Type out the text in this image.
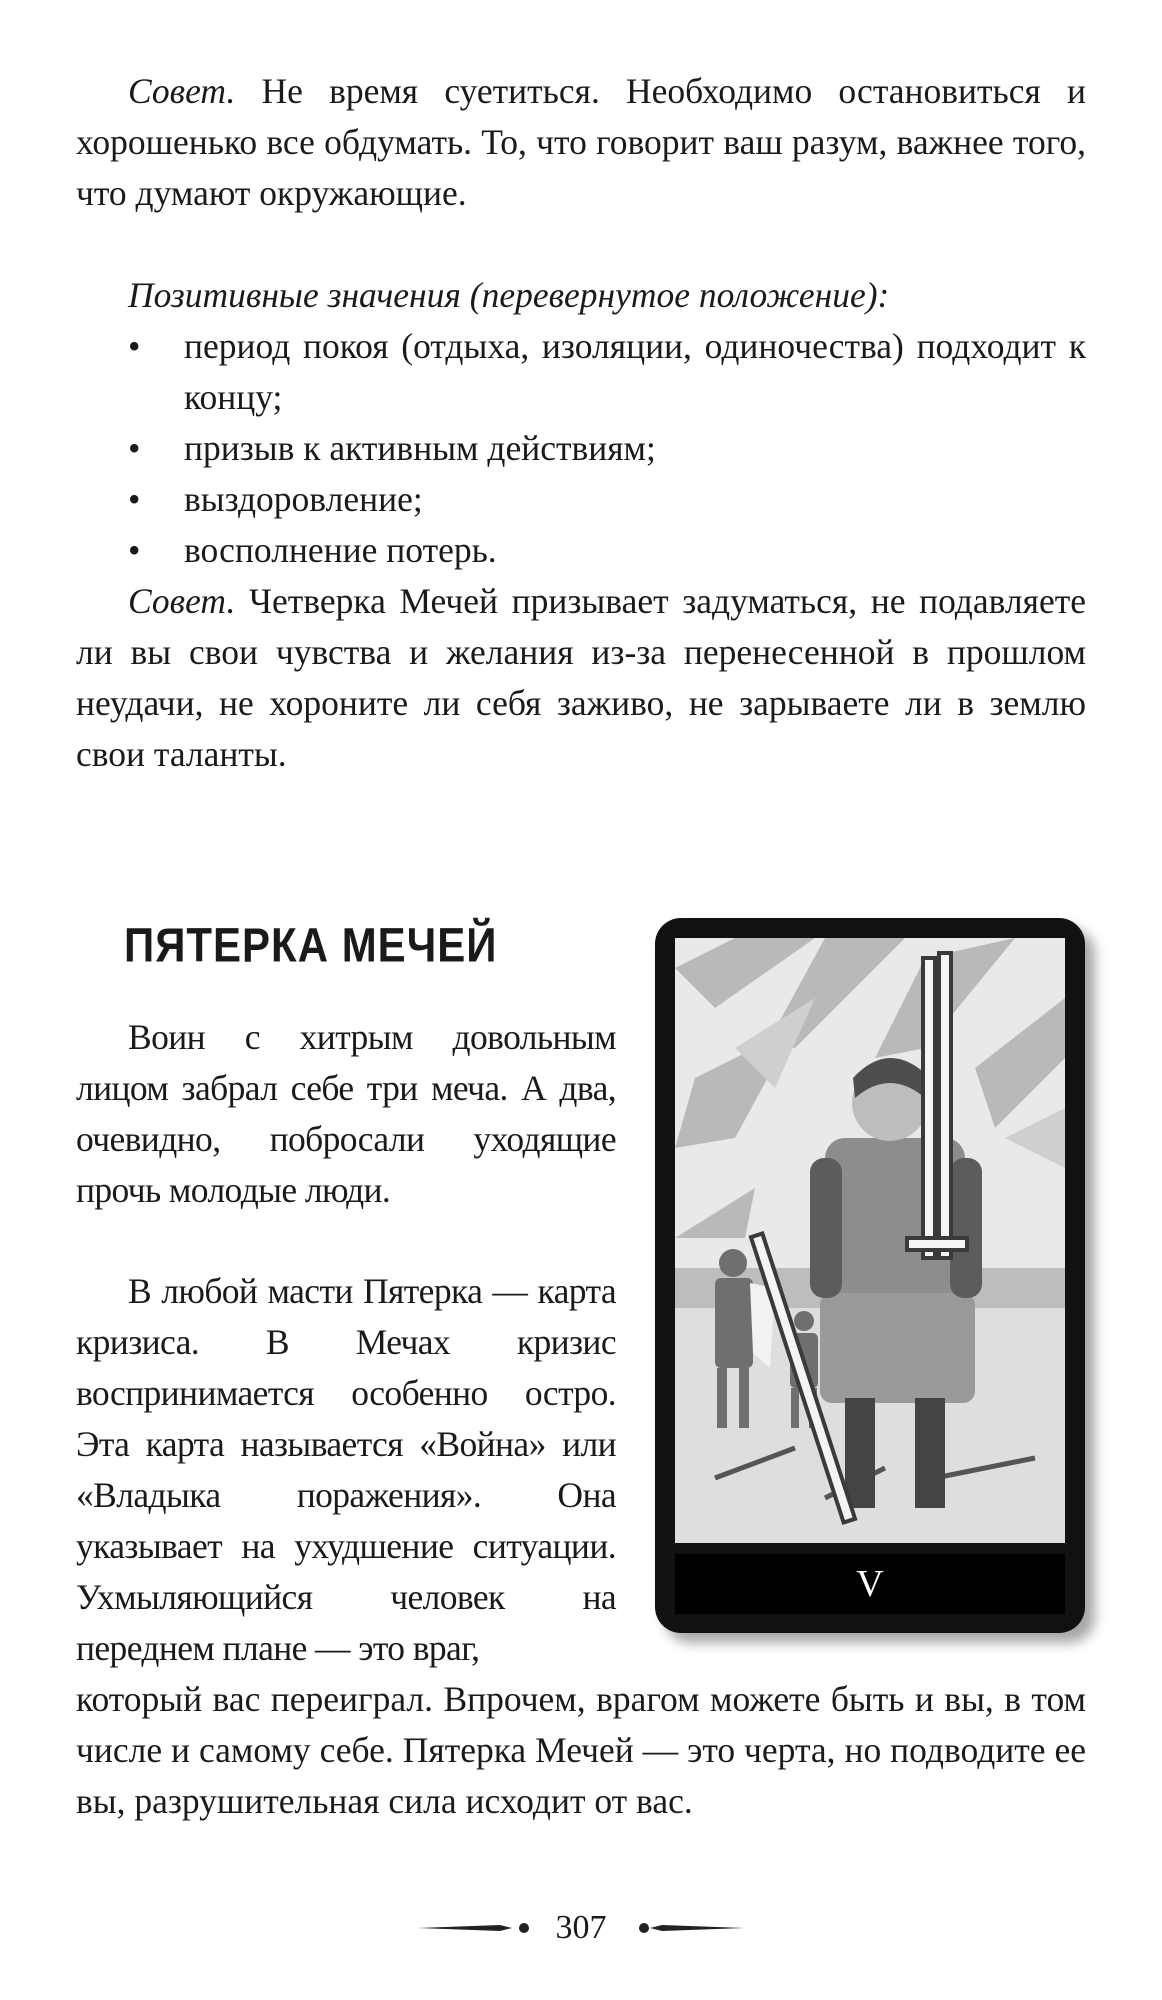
Совет. Не время суетиться. Необходимо остановиться и хорошенько все обдумать. То, что говорит ваш разум, важнее того, что думают окружающие.

Позитивные значения (перевернутое положение):

• период покоя (отдыха, изоляции, одиночества) подходит к концу;
• призыв к активным действиям;
• выздоровление;
• восполнение потерь.

Совет. Четверка Мечей призывает задуматься, не подавляете ли вы свои чувства и желания из-за перенесенной в прошлом неудачи, не хороните ли себя заживо, не зарываете ли в землю свои таланты.

ПЯТЕРКА МЕЧЕЙ

Воин с хитрым довольным лицом забрал себе три меча. А два, очевидно, побросали уходящие прочь молодые люди.

В любой масти Пятерка — карта кризиса. В Мечах кризис воспринимается особенно остро. Эта карта называется «Война» или «Владыка поражения». Она указывает на ухудшение ситуации. Ухмыляющийся человек на переднем плане — это враг,

который вас переиграл. Впрочем, врагом можете быть и вы, в том числе и самому себе. Пятерка Мечей — это черта, но подводите ее вы, разрушительная сила исходит от вас.

V
307
